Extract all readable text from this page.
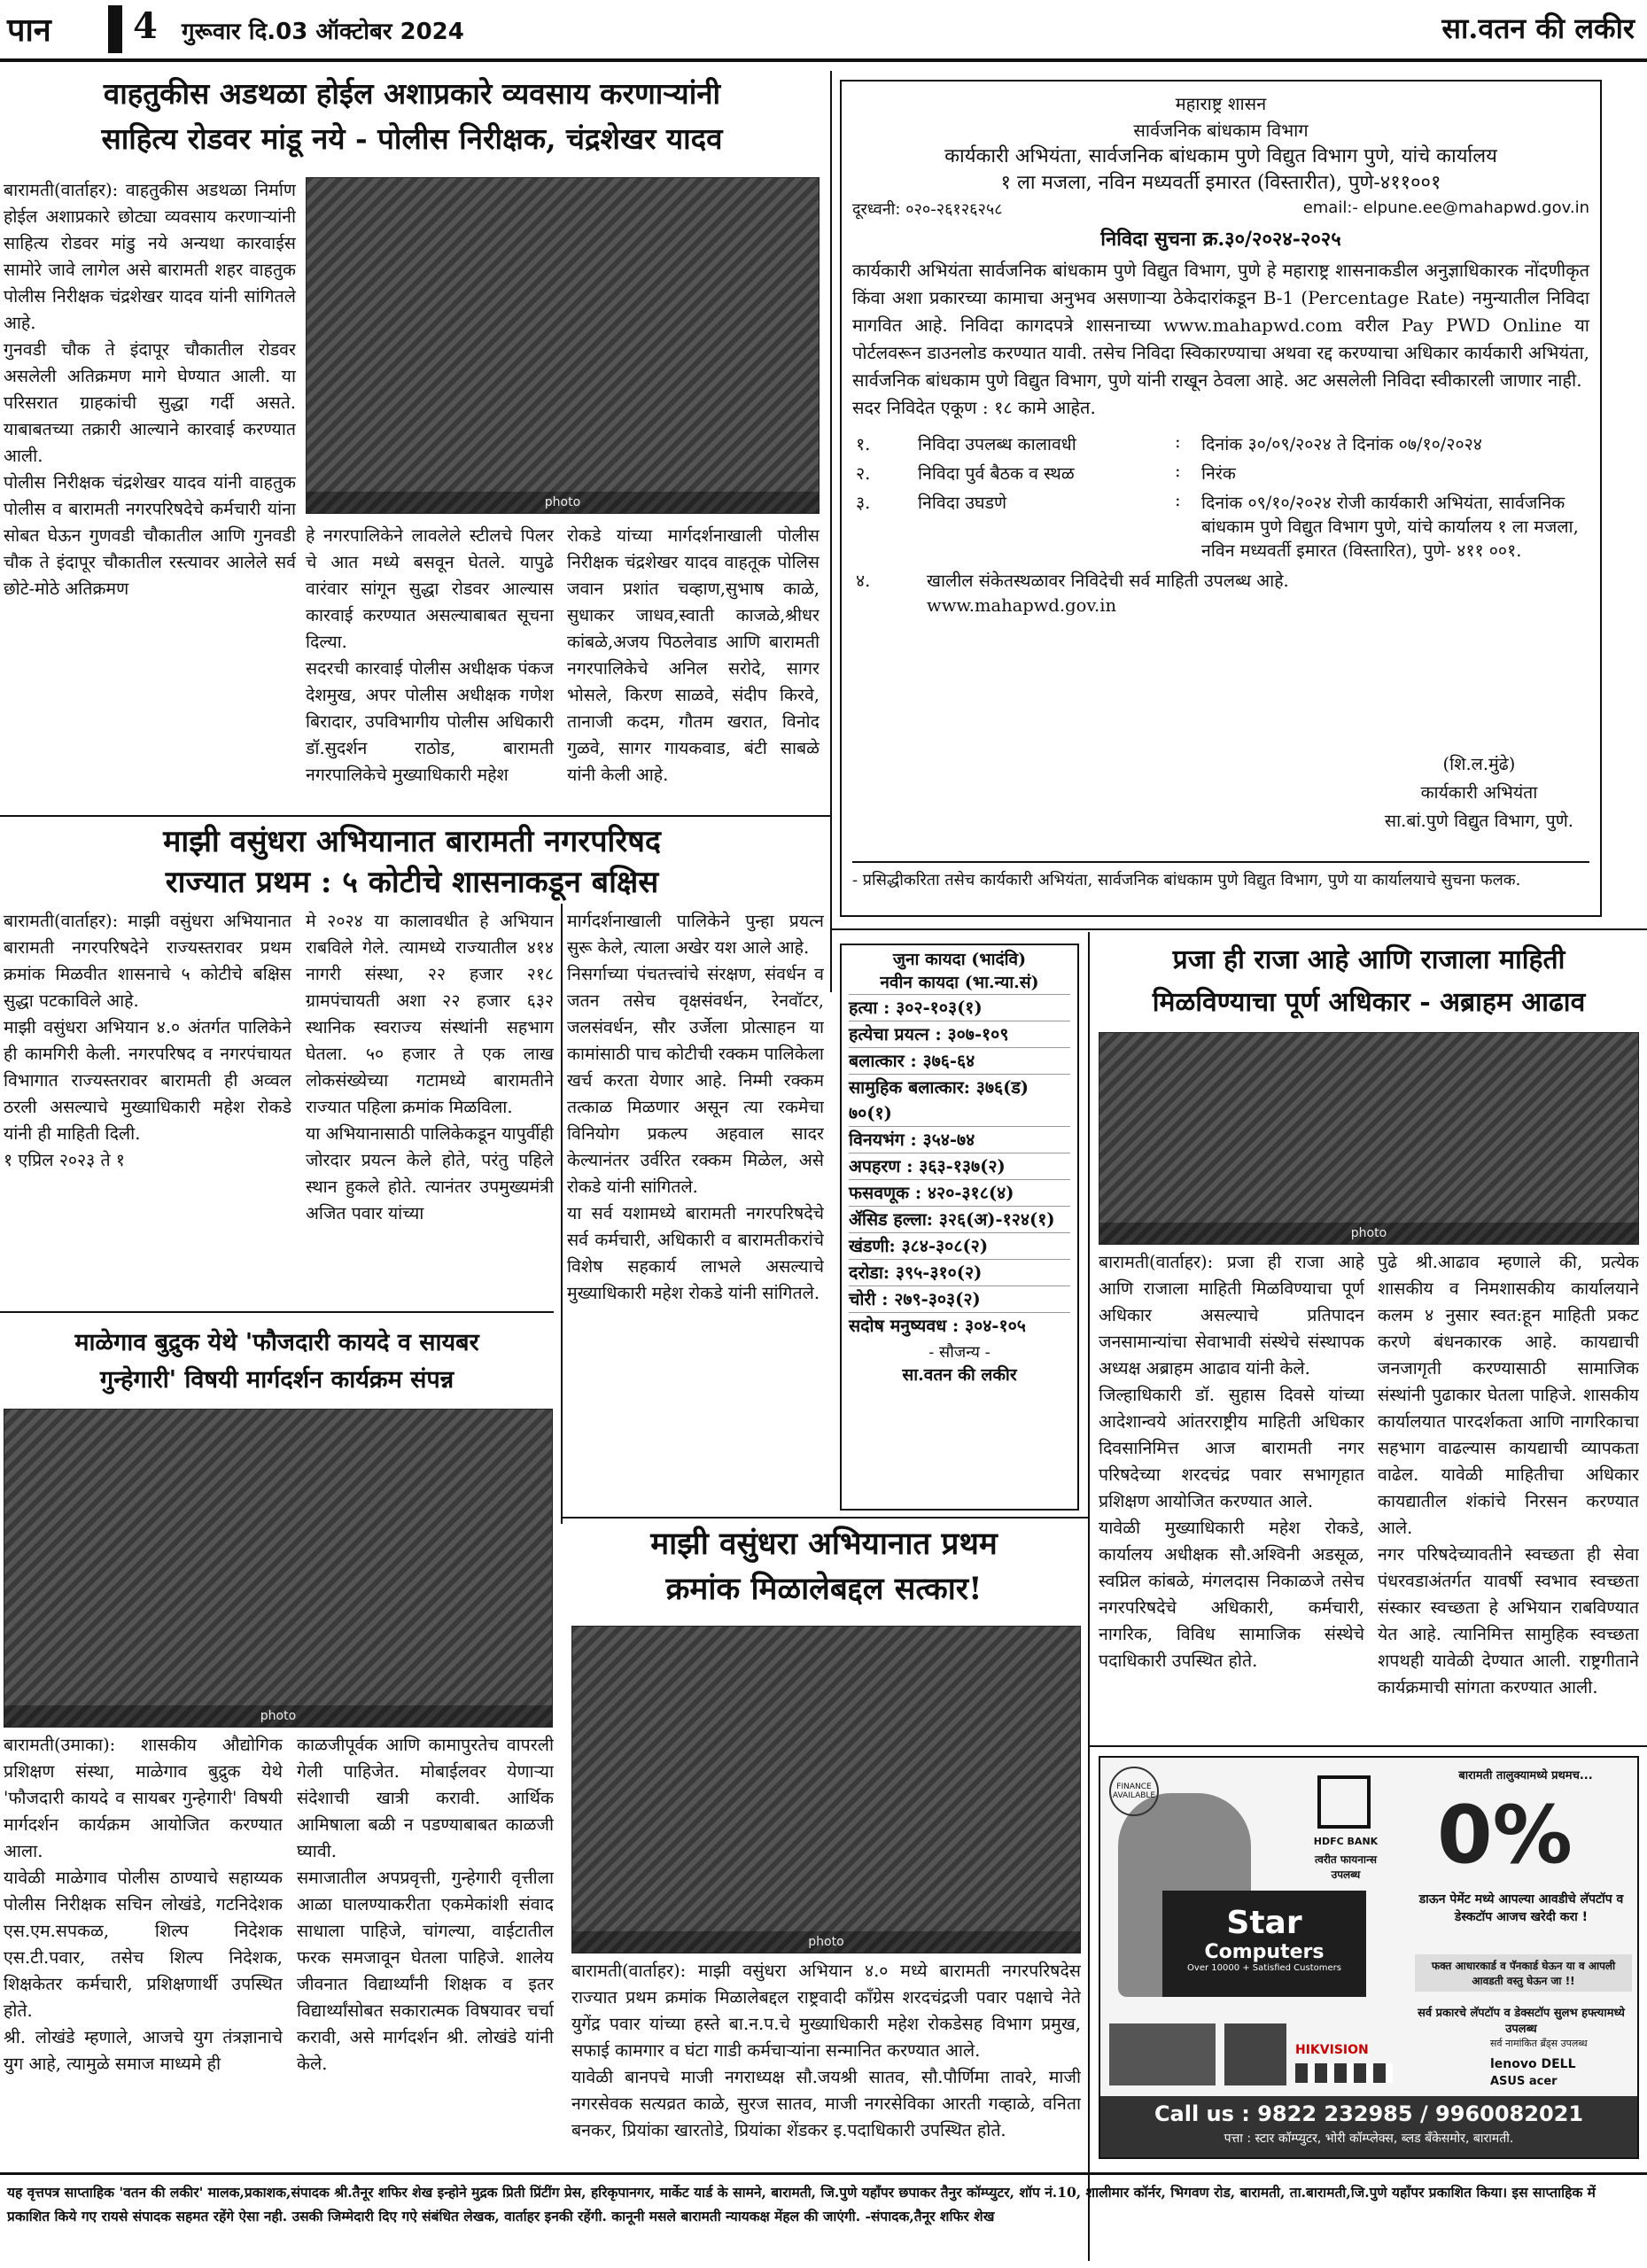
पान 4 गुरूवार दि.03 ऑक्टोबर 2024	सा.वतन की लकीर
वाहतुकीस अडथळा होईल अशाप्रकारे व्यवसाय करणाऱ्यांनी
साहित्य रोडवर मांडू नये - पोलीस निरीक्षक, चंद्रशेखर यादव
बारामती(वार्ताहर): वाहतुकीस अडथळा निर्माण होईल अशाप्रकारे छोट्या व्यवसाय करणाऱ्यांनी साहित्य रोडवर मांडु नये अन्यथा कारवाईस सामोरे जावे लागेल असे बारामती शहर वाहतुक पोलीस निरीक्षक चंद्रशेखर यादव यांनी सांगितले आहे.
गुनवडी चौक ते इंदापूर चौकातील रोडवर असलेली अतिक्रमण मागे घेण्यात आली. या परिसरात ग्राहकांची सुद्धा गर्दी असते. याबाबतच्या तक्रारी आल्याने कारवाई करण्यात आली.
पोलीस निरीक्षक चंद्रशेखर यादव यांनी वाहतुक पोलीस व बारामती नगरपरिषदेचे कर्मचारी यांना सोबत घेऊन गुणवडी चौकातील आणि गुनवडी चौक ते इंदापूर चौकातील रस्त्यावर आलेले सर्व छोटे-मोठे अतिक्रमण
photo
हे नगरपालिकेने लावलेले स्टीलचे पिलर चे आत मध्ये बसवून घेतले. यापुढे वारंवार सांगून सुद्धा रोडवर आल्यास कारवाई करण्यात असल्याबाबत सूचना दिल्या.
सदरची कारवाई पोलीस अधीक्षक पंकज देशमुख, अपर पोलीस अधीक्षक गणेश बिरादार, उपविभागीय पोलीस अधिकारी डॉ.सुदर्शन राठोड, बारामती नगरपालिकेचे मुख्याधिकारी महेश
रोकडे यांच्या मार्गदर्शनाखाली पोलीस निरीक्षक चंद्रशेखर यादव वाहतूक पोलिस जवान प्रशांत चव्हाण,सुभाष काळे, सुधाकर जाधव,स्वाती काजळे,श्रीधर कांबळे,अजय पिठलेवाड आणि बारामती नगरपालिकेचे अनिल सरोदे, सागर भोसले, किरण साळवे, संदीप किरवे, तानाजी कदम, गौतम खरात, विनोद गुळवे, सागर गायकवाड, बंटी साबळे यांनी केली आहे.
महाराष्ट्र शासन
सार्वजनिक बांधकाम विभाग
कार्यकारी अभियंता, सार्वजनिक बांधकाम पुणे विद्युत विभाग पुणे, यांचे कार्यालय
१ ला मजला, नविन मध्यवर्ती इमारत (विस्तारीत), पुणे-४११००१
दूरध्वनी: ०२०-२६१२६२५८	email:- elpune.ee@mahapwd.gov.in
निविदा सुचना क्र.३०/२०२४-२०२५
कार्यकारी अभियंता सार्वजनिक बांधकाम पुणे विद्युत विभाग, पुणे हे महाराष्ट्र शासनाकडील अनुज्ञाधिकारक नोंदणीकृत किंवा अशा प्रकारच्या कामाचा अनुभव असणाऱ्या ठेकेदारांकडून B-1 (Percentage Rate) नमुन्यातील निविदा मागवित आहे. निविदा कागदपत्रे शासनाच्या www.mahapwd.com वरील Pay PWD Online या पोर्टलवरून डाउनलोड करण्यात यावी. तसेच निविदा स्विकारण्याचा अथवा रद्द करण्याचा अधिकार कार्यकारी अभियंता, सार्वजनिक बांधकाम पुणे विद्युत विभाग, पुणे यांनी राखून ठेवला आहे. अट असलेली निविदा स्वीकारली जाणार नाही.
सदर निविदेत एकूण : १८ कामे आहेत.
१.	निविदा उपलब्ध कालावधी	:	दिनांक ३०/०९/२०२४ ते दिनांक ०७/१०/२०२४
२.	निविदा पुर्व बैठक व स्थळ	:	निरंक
३.	निविदा उघडणे	:	दिनांक ०९/१०/२०२४ रोजी कार्यकारी अभियंता, सार्वजनिक बांधकाम पुणे विद्युत विभाग पुणे, यांचे कार्यालय १ ला मजला, नविन मध्यवर्ती इमारत (विस्तारित), पुणे- ४११ ००१.
४.	खालील संकेतस्थळावर निविदेची सर्व माहिती उपलब्ध आहे.
www.mahapwd.gov.in
(शि.ल.मुंढे)
कार्यकारी अभियंता
सा.बां.पुणे विद्युत विभाग, पुणे.
- प्रसिद्धीकरिता तसेच कार्यकारी अभियंता, सार्वजनिक बांधकाम पुणे विद्युत विभाग, पुणे या कार्यालयाचे सुचना फलक.
माझी वसुंधरा अभियानात बारामती नगरपरिषद
राज्यात प्रथम : ५ कोटीचे शासनाकडून बक्षिस
बारामती(वार्ताहर): माझी वसुंधरा अभियानात बारामती नगरपरिषदेने राज्यस्तरावर प्रथम क्रमांक मिळवीत शासनाचे ५ कोटीचे बक्षिस सुद्धा पटकाविले आहे.
माझी वसुंधरा अभियान ४.० अंतर्गत पालिकेने ही कामगिरी केली. नगरपरिषद व नगरपंचायत विभागात राज्यस्तरावर बारामती ही अव्वल ठरली असल्याचे मुख्याधिकारी महेश रोकडे यांनी ही माहिती दिली.
१ एप्रिल २०२३ ते १
मे २०२४ या कालावधीत हे अभियान राबविले गेले. त्यामध्ये राज्यातील ४१४ नागरी संस्था, २२ हजार २१८ ग्रामपंचायती अशा २२ हजार ६३२ स्थानिक स्वराज्य संस्थांनी सहभाग घेतला. ५० हजार ते एक लाख लोकसंख्येच्या गटामध्ये बारामतीने राज्यात पहिला क्रमांक मिळविला.
या अभियानासाठी पालिकेकडून यापुर्वीही जोरदार प्रयत्न केले होते, परंतु पहिले स्थान हुकले होते. त्यानंतर उपमुख्यमंत्री अजित पवार यांच्या
मार्गदर्शनाखाली पालिकेने पुन्हा प्रयत्न सुरू केले, त्याला अखेर यश आले आहे.
निसर्गाच्या पंचतत्त्वांचे संरक्षण, संवर्धन व जतन तसेच वृक्षसंवर्धन, रेनवॉटर, जलसंवर्धन, सौर उर्जेला प्रोत्साहन या कामांसाठी पाच कोटीची रक्कम पालिकेला खर्च करता येणार आहे. निम्मी रक्कम तत्काळ मिळणार असून त्या रकमेचा विनियोग प्रकल्प अहवाल सादर केल्यानंतर उर्वरित रक्कम मिळेल, असे रोकडे यांनी सांगितले.
या सर्व यशामध्ये बारामती नगरपरिषदेचे सर्व कर्मचारी, अधिकारी व बारामतीकरांचे विशेष सहकार्य लाभले असल्याचे मुख्याधिकारी महेश रोकडे यांनी सांगितले.
जुना कायदा (भादंवि)
नवीन कायदा (भा.न्या.सं)
हत्या : ३०२-१०३(१)
हत्येचा प्रयत्न : ३०७-१०९
बलात्कार : ३७६-६४
सामुहिक बलात्कार: ३७६(ड) ७०(१)
विनयभंग : ३५४-७४
अपहरण : ३६३-१३७(२)
फसवणूक : ४२०-३१८(४)
ॲसिड हल्ला: ३२६(अ)-१२४(१)
खंडणी: ३८४-३०८(२)
दरोडा: ३९५-३१०(२)
चोरी : २७९-३०३(२)
सदोष मनुष्यवध : ३०४-१०५
- सौजन्य -
सा.वतन की लकीर
प्रजा ही राजा आहे आणि राजाला माहिती
मिळविण्याचा पूर्ण अधिकार - अब्राहम आढाव
photo
बारामती(वार्ताहर): प्रजा ही राजा आहे आणि राजाला माहिती मिळविण्याचा पूर्ण अधिकार असल्याचे प्रतिपादन जनसामान्यांचा सेवाभावी संस्थेचे संस्थापक अध्यक्ष अब्राहम आढाव यांनी केले.
जिल्हाधिकारी डॉ. सुहास दिवसे यांच्या आदेशान्वये आंतरराष्ट्रीय माहिती अधिकार दिवसानिमित्त आज बारामती नगर परिषदेच्या शरदचंद्र पवार सभागृहात प्रशिक्षण आयोजित करण्यात आले.
यावेळी मुख्याधिकारी महेश रोकडे, कार्यालय अधीक्षक सौ.अश्विनी अडसूळ, स्वप्निल कांबळे, मंगलदास निकाळजे तसेच नगरपरिषदेचे अधिकारी, कर्मचारी, नागरिक, विविध सामाजिक संस्थेचे पदाधिकारी उपस्थित होते.
पुढे श्री.आढाव म्हणाले की, प्रत्येक शासकीय व निमशासकीय कार्यालयाने कलम ४ नुसार स्वत:हून माहिती प्रकट करणे बंधनकारक आहे. कायद्याची जनजागृती करण्यासाठी सामाजिक संस्थांनी पुढाकार घेतला पाहिजे. शासकीय कार्यालयात पारदर्शकता आणि नागरिकाचा सहभाग वाढल्यास कायद्याची व्यापकता वाढेल. यावेळी माहितीचा अधिकार कायद्यातील शंकांचे निरसन करण्यात आले.
नगर परिषदेच्यावतीने स्वच्छता ही सेवा पंधरवडाअंतर्गत यावर्षी स्वभाव स्वच्छता संस्कार स्वच्छता हे अभियान राबविण्यात येत आहे. त्यानिमित्त सामुहिक स्वच्छता शपथही यावेळी देण्यात आली. राष्ट्रगीताने कार्यक्रमाची सांगता करण्यात आली.
माळेगाव बुद्रुक येथे 'फौजदारी कायदे व सायबर
गुन्हेगारी' विषयी मार्गदर्शन कार्यक्रम संपन्न
photo
बारामती(उमाका): शासकीय औद्योगिक प्रशिक्षण संस्था, माळेगाव बुद्रुक येथे 'फौजदारी कायदे व सायबर गुन्हेगारी' विषयी मार्गदर्शन कार्यक्रम आयोजित करण्यात आला.
यावेळी माळेगाव पोलीस ठाण्याचे सहाय्यक पोलीस निरीक्षक सचिन लोखंडे, गटनिदेशक एस.एम.सपकळ, शिल्प निदेशक एस.टी.पवार, तसेच शिल्प निदेशक, शिक्षकेतर कर्मचारी, प्रशिक्षणार्थी उपस्थित होते.
श्री. लोखंडे म्हणाले, आजचे युग तंत्रज्ञानाचे युग आहे, त्यामुळे समाज माध्यमे ही
काळजीपूर्वक आणि कामापुरतेच वापरली गेली पाहिजेत. मोबाईलवर येणाऱ्या संदेशाची खात्री करावी. आर्थिक आमिषाला बळी न पडण्याबाबत काळजी घ्यावी.
समाजातील अपप्रवृत्ती, गुन्हेगारी वृत्तीला आळा घालण्याकरीता एकमेकांशी संवाद साधाला पाहिजे, चांगल्या, वाईटातील फरक समजावून घेतला पाहिजे. शालेय जीवनात विद्यार्थ्यांनी शिक्षक व इतर विद्यार्थ्यांसोबत सकारात्मक विषयावर चर्चा करावी, असे मार्गदर्शन श्री. लोखंडे यांनी केले.
माझी वसुंधरा अभियानात प्रथम
क्रमांक मिळालेबद्दल सत्कार!
photo
बारामती(वार्ताहर): माझी वसुंधरा अभियान ४.० मध्ये बारामती नगरपरिषदेस राज्यात प्रथम क्रमांक मिळालेबद्दल राष्ट्रवादी काँग्रेस शरदचंद्रजी पवार पक्षाचे नेते युगेंद्र पवार यांच्या हस्ते बा.न.प.चे मुख्याधिकारी महेश रोकडेसह विभाग प्रमुख, सफाई कामगार व घंटा गाडी कर्मचाऱ्यांना सन्मानित करण्यात आले.
यावेळी बानपचे माजी नगराध्यक्ष सौ.जयश्री सातव, सौ.पौर्णिमा तावरे, माजी नगरसेवक सत्यव्रत काळे, सुरज सातव, माजी नगरसेविका आरती गव्हाळे, वनिता बनकर, प्रियांका खारतोडे, प्रियांका शेंडकर इ.पदाधिकारी उपस्थित होते.
FINANCE AVAILABLE
HDFC BANK
त्वरीत फायनान्स उपलब्ध
बारामती तालुक्यामध्ये प्रथमच...
0%
डाऊन पेमेंट मध्ये आपल्या आवडीचे लॅपटॉप व डेस्कटॉप आजच खरेदी करा !
फक्त आधारकार्ड व पॅनकार्ड घेऊन या व आपली आवडती वस्तु घेऊन जा !!
Star
Computers
Over 10000 + Satisfied Customers
सर्व प्रकारचे लॅपटॉप व डेक्सटॉप सुलभ हफ्त्यामध्ये उपलब्ध
HIKVISION	सर्व नामांकित ब्रँड्स उपलब्ध
lenovo DELL
ASUS acer
Call us : 9822 232985 / 9960082021
पत्ता : स्टार कॉम्प्युटर, भोरी कॉम्प्लेक्स, ब्लड बँकेसमोर, बारामती.
यह वृत्तपत्र साप्ताहिक 'वतन की लकीर' मालक,प्रकाशक,संपादक श्री.तैनूर शफिर शेख इन्होने मुद्रक प्रिती प्रिंटींग प्रेस, हरिकृपानगर, मार्केट यार्ड के सामने, बारामती, जि.पुणे यहाँपर छपाकर तैनुर कॉम्प्युटर, शॉप नं.10, शालीमार कॉर्नर, भिगवण रोड, बारामती, ता.बारामती,जि.पुणे यहाँपर प्रकाशित किया। इस साप्ताहिक में प्रकाशित किये गए रायसे संपादक सहमत रहेंगे ऐसा नही. उसकी जिम्मेदारी दिए गऐ संबंधित लेखक, वार्ताहर इनकी रहेंगी. कानूनी मसले बारामती न्यायकक्ष मेंहल की जाएंगी. -संपादक,तैनूर शफिर शेख
